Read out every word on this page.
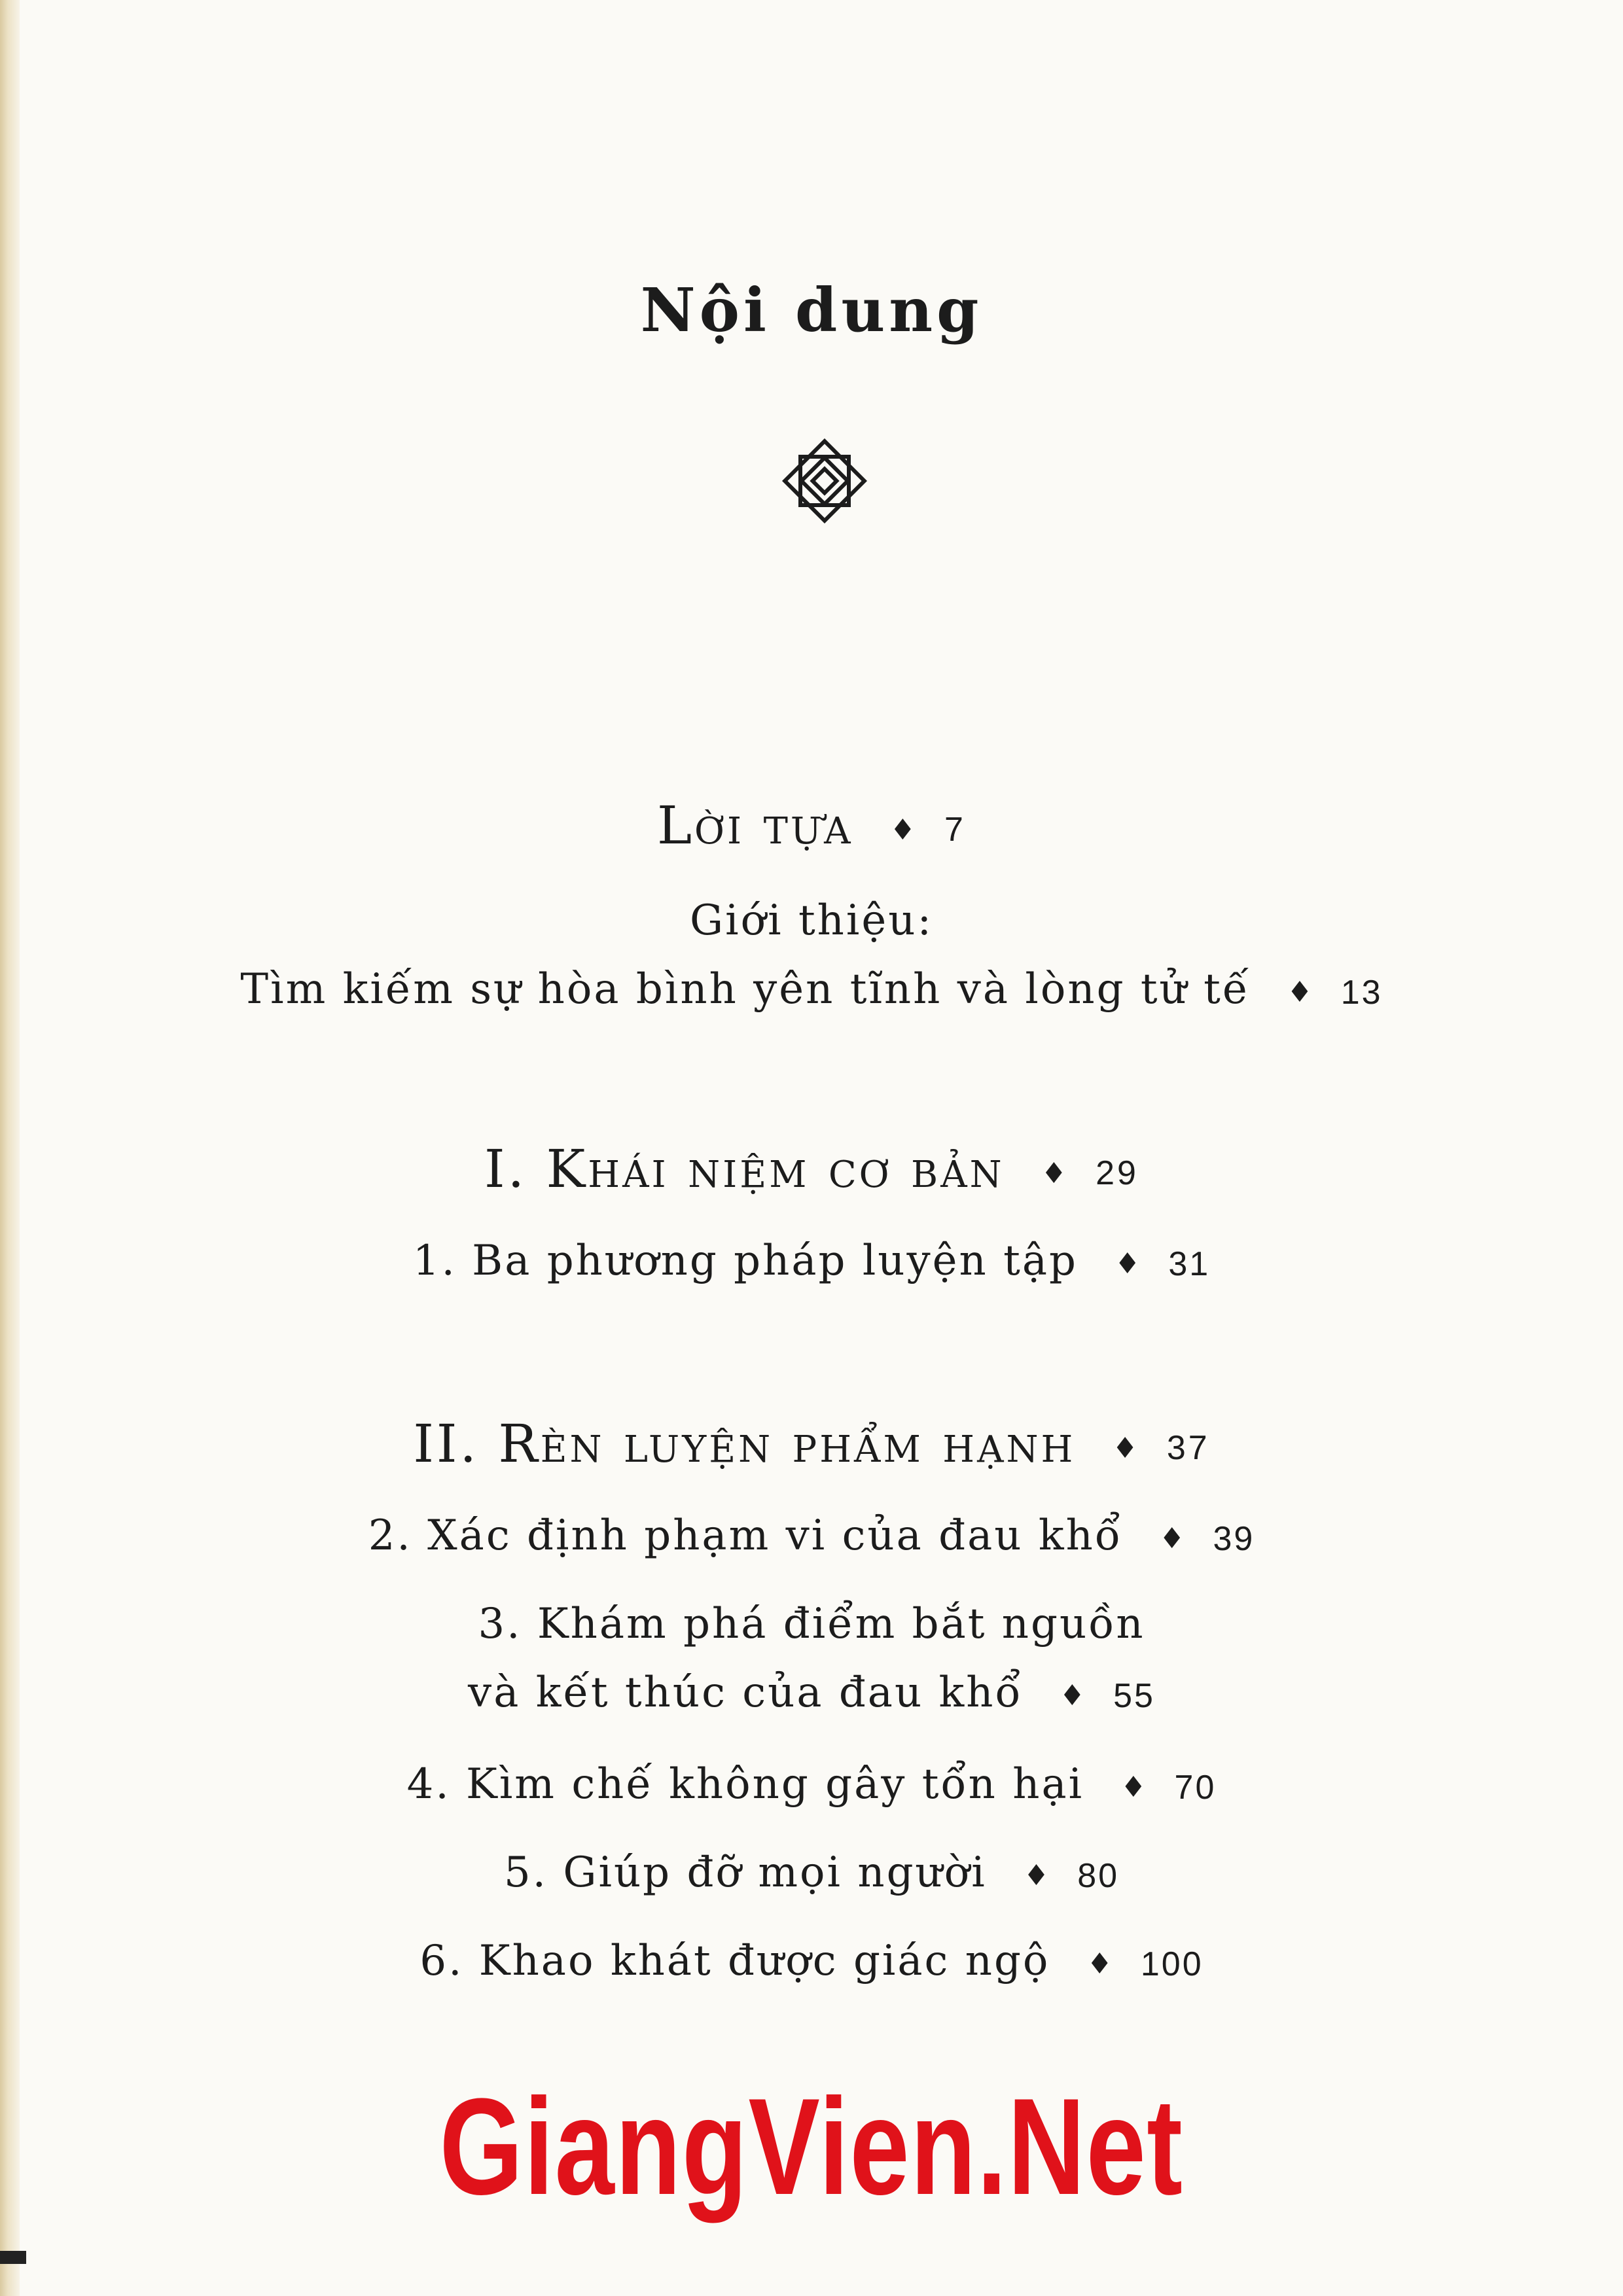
Nội dung
Lời tựa ♦ 7
Giới thiệu:
Tìm kiếm sự hòa bình yên tĩnh và lòng tử tế ♦ 13
I. Khái niệm cơ bản ♦ 29
1. Ba phương pháp luyện tập ♦ 31
II. Rèn luyện phẩm hạnh ♦ 37
2. Xác định phạm vi của đau khổ ♦ 39
3. Khám phá điểm bắt nguồn
và kết thúc của đau khổ ♦ 55
4. Kìm chế không gây tổn hại ♦ 70
5. Giúp đỡ mọi người ♦ 80
6. Khao khát được giác ngộ ♦ 100
GiangVien.Net
